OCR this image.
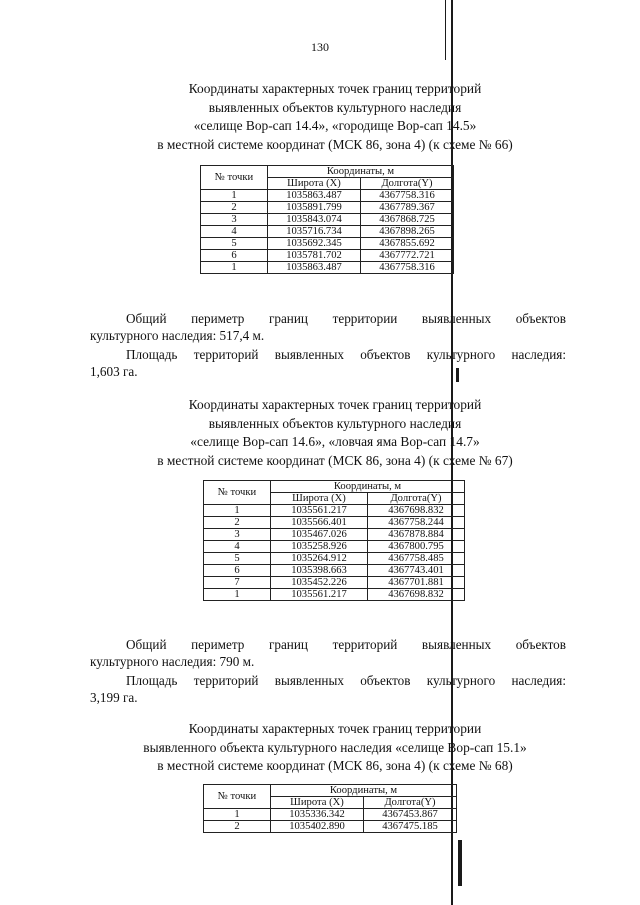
130
Координаты характерных точек границ территорий
выявленных объектов культурного наследия
«селище Вор-сап 14.4», «городище Вор-сап 14.5»
в местной системе координат (МСК 86, зона 4) (к схеме № 66)
№ точки	Координаты, м	
	Широта (X)	Долгота(Y)
1	1035863.487	4367758.316
2	1035891.799	4367789.367
3	1035843.074	4367868.725
4	1035716.734	4367898.265
5	1035692.345	4367855.692
6	1035781.702	4367772.721
1	1035863.487	4367758.316
Общий периметр границ территории выявленных объектов
культурного наследия: 517,4 м.
Площадь территорий выявленных объектов культурного наследия:
1,603 га.
Координаты характерных точек границ территорий
выявленных объектов культурного наследия
«селище Вор-сап 14.6», «ловчая яма Вор-сап 14.7»
в местной системе координат (МСК 86, зона 4) (к схеме № 67)
№ точки	Координаты, м	
	Широта (X)	Долгота(Y)
1	1035561.217	4367698.832
2	1035566.401	4367758.244
3	1035467.026	4367878.884
4	1035258.926	4367800.795
5	1035264.912	4367758.485
6	1035398.663	4367743.401
7	1035452.226	4367701.881
1	1035561.217	4367698.832
Общий периметр границ территорий выявленных объектов
культурного наследия: 790 м.
Площадь территорий выявленных объектов культурного наследия:
3,199 га.
Координаты характерных точек границ территории
выявленного объекта культурного наследия «селище Вор-сап 15.1»
в местной системе координат (МСК 86, зона 4) (к схеме № 68)
№ точки	Координаты, м	
	Широта (X)	Долгота(Y)
1	1035336.342	4367453.867
2	1035402.890	4367475.185
